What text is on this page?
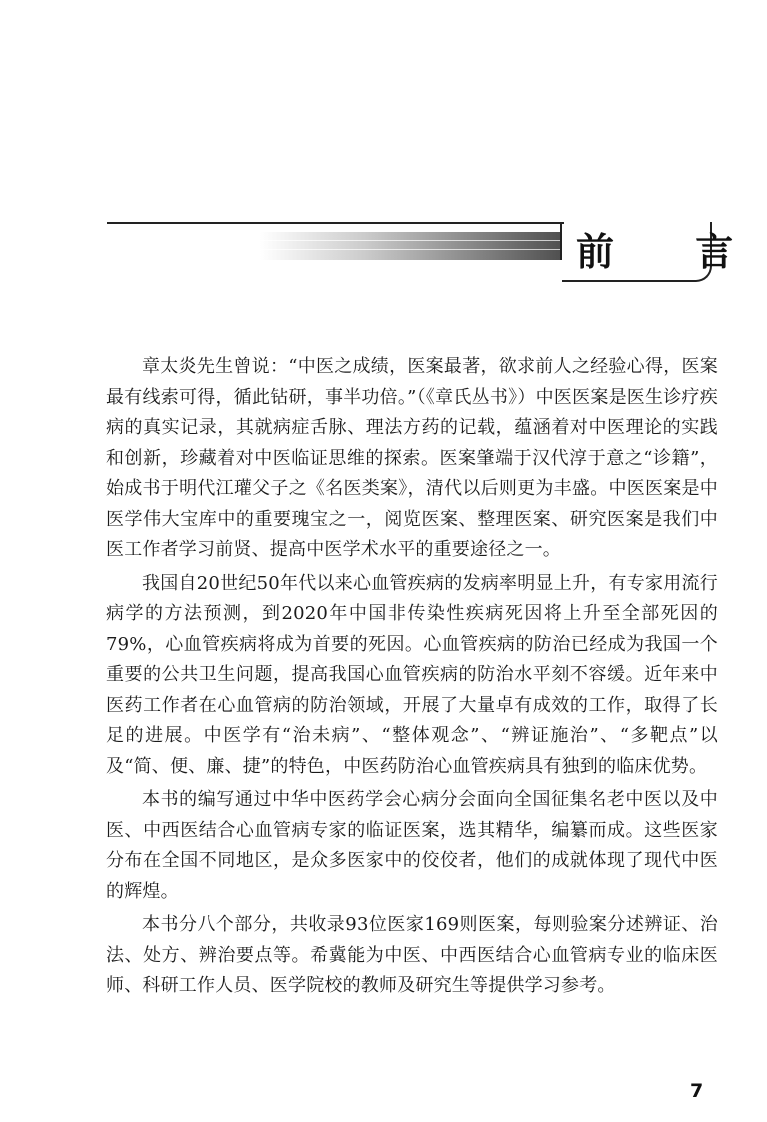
前 言

章太炎先生曾说：“中医之成绩，医案最著，欲求前人之经验心得，医案最有线索可得，循此钻研，事半功倍。”（《章氏丛书》）中医医案是医生诊疗疾病的真实记录，其就病症舌脉、理法方药的记载，蕴涵着对中医理论的实践和创新，珍藏着对中医临证思维的探索。医案肇端于汉代淳于意之“诊籍”，始成书于明代江瓘父子之《名医类案》，清代以后则更为丰盛。中医医案是中医学伟大宝库中的重要瑰宝之一，阅览医案、整理医案、研究医案是我们中医工作者学习前贤、提高中医学术水平的重要途径之一。

我国自20世纪50年代以来心血管疾病的发病率明显上升，有专家用流行病学的方法预测，到2020年中国非传染性疾病死因将上升至全部死因的79%，心血管疾病将成为首要的死因。心血管疾病的防治已经成为我国一个重要的公共卫生问题，提高我国心血管疾病的防治水平刻不容缓。近年来中医药工作者在心血管病的防治领域，开展了大量卓有成效的工作，取得了长足的进展。中医学有“治未病”、“整体观念”、“辨证施治”、“多靶点”以及“简、便、廉、捷”的特色，中医药防治心血管疾病具有独到的临床优势。

本书的编写通过中华中医药学会心病分会面向全国征集名老中医以及中医、中西医结合心血管病专家的临证医案，选其精华，编纂而成。这些医家分布在全国不同地区，是众多医家中的佼佼者，他们的成就体现了现代中医的辉煌。

本书分八个部分，共收录93位医家169则医案，每则验案分述辨证、治法、处方、辨治要点等。希冀能为中医、中西医结合心血管病专业的临床医师、科研工作人员、医学院校的教师及研究生等提供学习参考。

7
